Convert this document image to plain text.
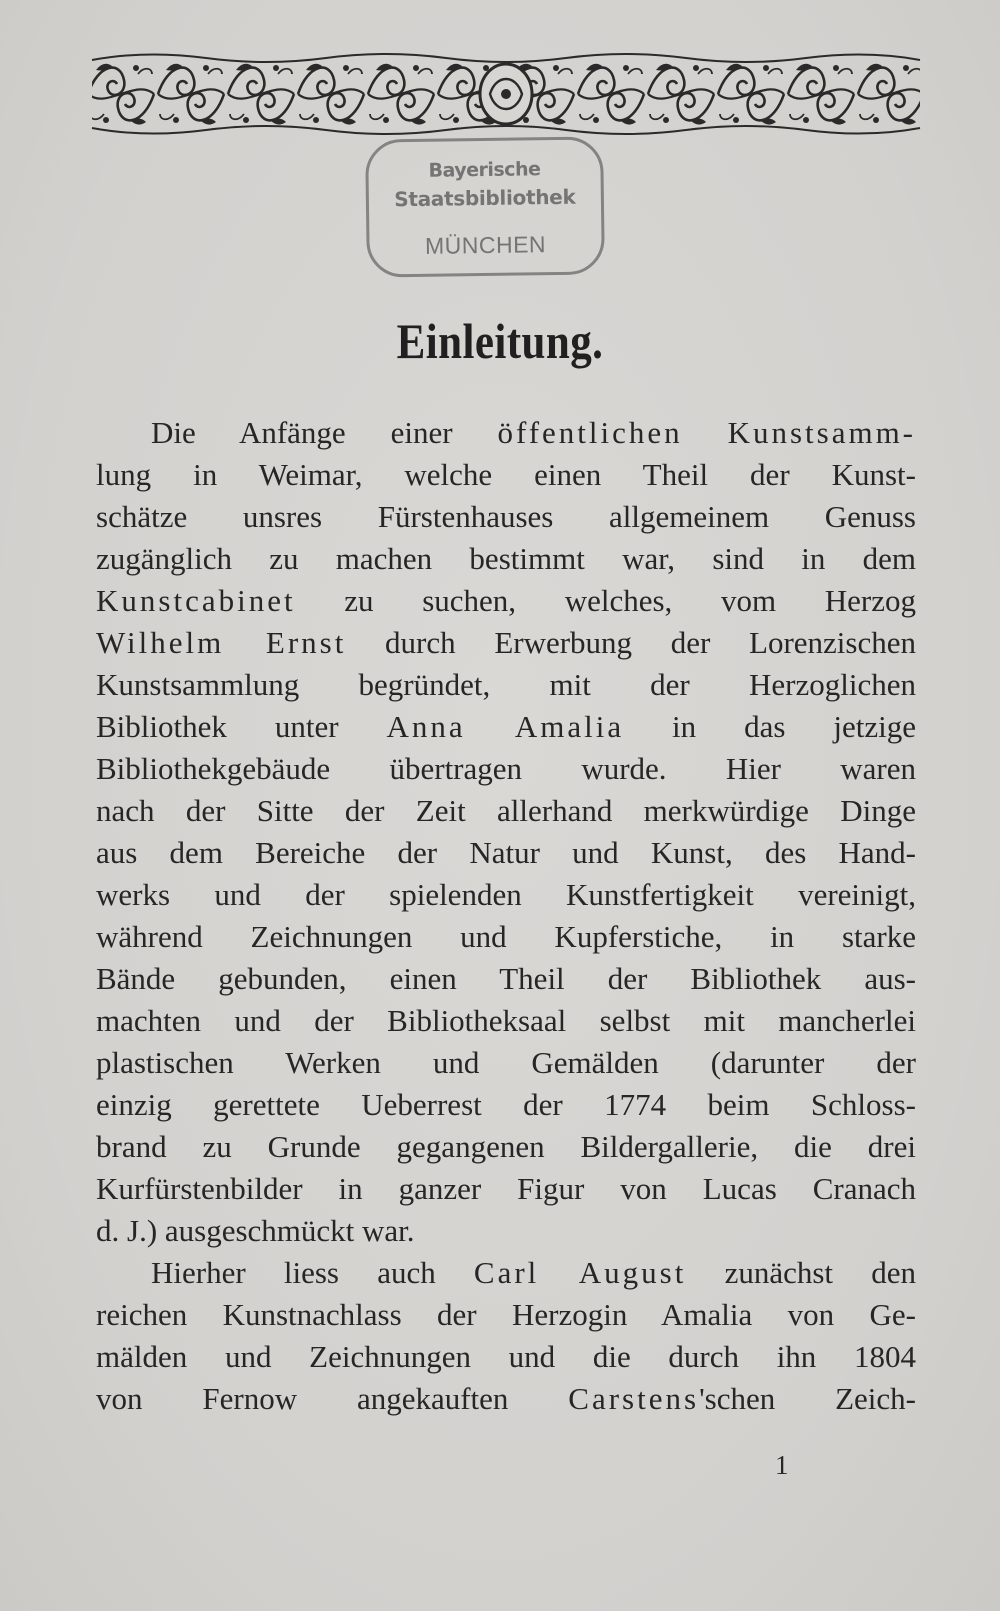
Bayerische
Staatsbibliothek
MÜNCHEN
Einleitung.
Die Anfänge einer öffentlichen Kunstsamm-
lung in Weimar, welche einen Theil der Kunst-
schätze unsres Fürstenhauses allgemeinem Genuss
zugänglich zu machen bestimmt war, sind in dem
Kunstcabinet zu suchen, welches, vom Herzog
Wilhelm Ernst durch Erwerbung der Lorenzischen
Kunstsammlung begründet, mit der Herzoglichen
Bibliothek unter Anna Amalia in das jetzige
Bibliothekgebäude übertragen wurde. Hier waren
nach der Sitte der Zeit allerhand merkwürdige Dinge
aus dem Bereiche der Natur und Kunst, des Hand-
werks und der spielenden Kunstfertigkeit vereinigt,
während Zeichnungen und Kupferstiche, in starke
Bände gebunden, einen Theil der Bibliothek aus-
machten und der Bibliotheksaal selbst mit mancherlei
plastischen Werken und Gemälden (darunter der
einzig gerettete Ueberrest der 1774 beim Schloss-
brand zu Grunde gegangenen Bildergallerie, die drei
Kurfürstenbilder in ganzer Figur von Lucas Cranach
d. J.) ausgeschmückt war.
Hierher liess auch Carl August zunächst den
reichen Kunstnachlass der Herzogin Amalia von Ge-
mälden und Zeichnungen und die durch ihn 1804
von Fernow angekauften Carstens'schen Zeich-
1
